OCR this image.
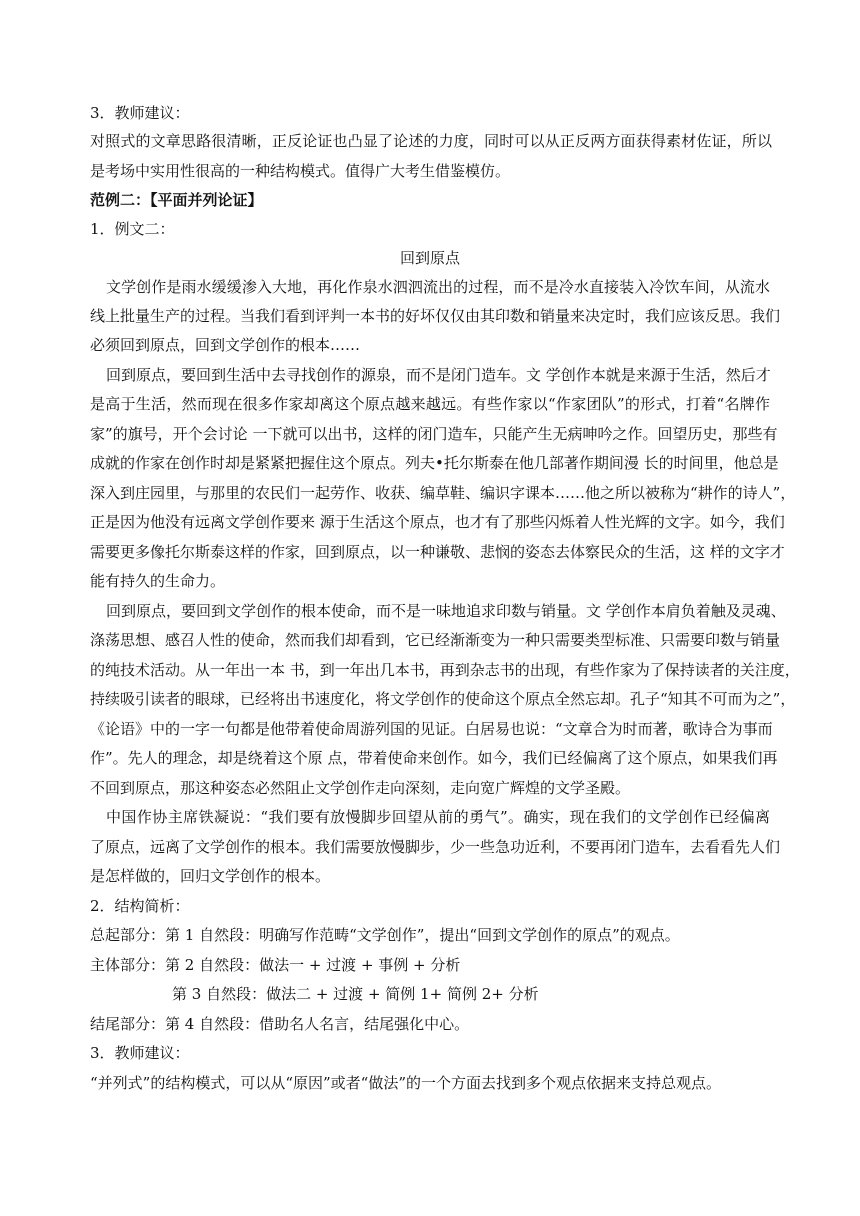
3．教师建议：
对照式的文章思路很清晰，正反论证也凸显了论述的力度，同时可以从正反两方面获得素材佐证，所以
是考场中实用性很高的一种结构模式。值得广大考生借鉴模仿。
范例二：【平面并列论证】
1．例文二：
回到原点
文学创作是雨水缓缓渗入大地，再化作泉水泗泗流出的过程，而不是冷水直接装入冷饮车间，从流水
线上批量生产的过程。当我们看到评判一本书的好坏仅仅由其印数和销量来决定时，我们应该反思。我们
必须回到原点，回到文学创作的根本……
回到原点，要回到生活中去寻找创作的源泉，而不是闭门造车。文 学创作本就是来源于生活，然后才
是高于生活，然而现在很多作家却离这个原点越来越远。有些作家以“作家团队”的形式，打着“名牌作
家”的旗号，开个会讨论 一下就可以出书，这样的闭门造车，只能产生无病呻吟之作。回望历史，那些有
成就的作家在创作时却是紧紧把握住这个原点。列夫•托尔斯泰在他几部著作期间漫 长的时间里，他总是
深入到庄园里，与那里的农民们一起劳作、收获、编草鞋、编识字课本……他之所以被称为“耕作的诗人”，
正是因为他没有远离文学创作要来 源于生活这个原点，也才有了那些闪烁着人性光辉的文字。如今，我们
需要更多像托尔斯泰这样的作家，回到原点，以一种谦敬、悲悯的姿态去体察民众的生活，这 样的文字才
能有持久的生命力。
回到原点，要回到文学创作的根本使命，而不是一味地追求印数与销量。文 学创作本肩负着触及灵魂、
涤荡思想、感召人性的使命，然而我们却看到，它已经渐渐变为一种只需要类型标准、只需要印数与销量
的纯技术活动。从一年出一本 书，到一年出几本书，再到杂志书的出现，有些作家为了保持读者的关注度，
持续吸引读者的眼球，已经将出书速度化，将文学创作的使命这个原点全然忘却。孔子“知其不可而为之”，
《论语》中的一字一句都是他带着使命周游列国的见证。白居易也说：“文章合为时而著，歌诗合为事而
作”。先人的理念，却是绕着这个原 点，带着使命来创作。如今，我们已经偏离了这个原点，如果我们再
不回到原点，那这种姿态必然阻止文学创作走向深刻，走向宽广辉煌的文学圣殿。
中国作协主席铁凝说：“我们要有放慢脚步回望从前的勇气”。确实，现在我们的文学创作已经偏离
了原点，远离了文学创作的根本。我们需要放慢脚步，少一些急功近利，不要再闭门造车，去看看先人们
是怎样做的，回归文学创作的根本。
2．结构简析：
总起部分：第 1 自然段：明确写作范畴“文学创作”，提出“回到文学创作的原点”的观点。
主体部分：第 2 自然段：做法一 + 过渡 + 事例 + 分析
第 3 自然段：做法二 + 过渡 + 简例 1+ 简例 2+ 分析
结尾部分：第 4 自然段：借助名人名言，结尾强化中心。
3．教师建议：
“并列式”的结构模式，可以从“原因”或者“做法”的一个方面去找到多个观点依据来支持总观点。
